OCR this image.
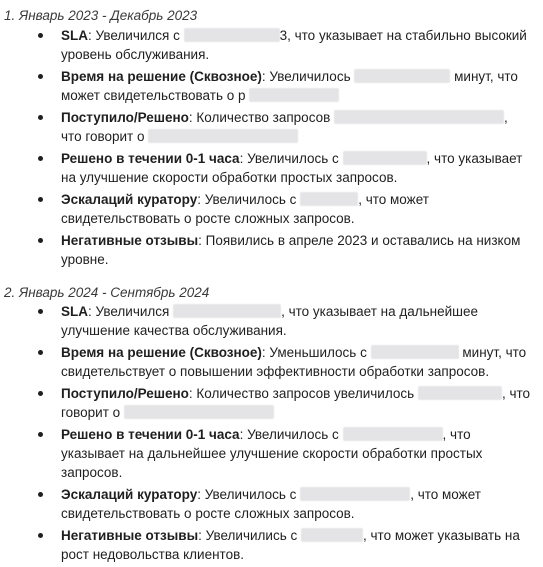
1. Январь 2023 - Декабрь 2023
SLA: Увеличился с	3, что указывает на стабильно высокий уровень обслуживания.
Время на решение (Сквозное): Увеличилось	минут, что может свидетельствовать о р
Поступило/Решено: Количество запросов	, что говорит о
Решено в течении 0-1 часа: Увеличилось с	, что указывает на улучшение скорости обработки простых запросов.
Эскалаций куратору: Увеличилось с	, что может свидетельствовать о росте сложных запросов.
Негативные отзывы: Появились в апреле 2023 и оставались на низком уровне.
2. Январь 2024 - Сентябрь 2024
SLA: Увеличился	, что указывает на дальнейшее улучшение качества обслуживания.
Время на решение (Сквозное): Уменьшилось с	минут, что свидетельствует о повышении эффективности обработки запросов.
Поступило/Решено: Количество запросов увеличилось	, что говорит о
Решено в течении 0-1 часа: Увеличилось с	, что указывает на дальнейшее улучшение скорости обработки простых запросов.
Эскалаций куратору: Увеличилось с	, что может свидетельствовать о росте сложных запросов.
Негативные отзывы: Увеличились с	, что может указывать на рост недовольства клиентов.
